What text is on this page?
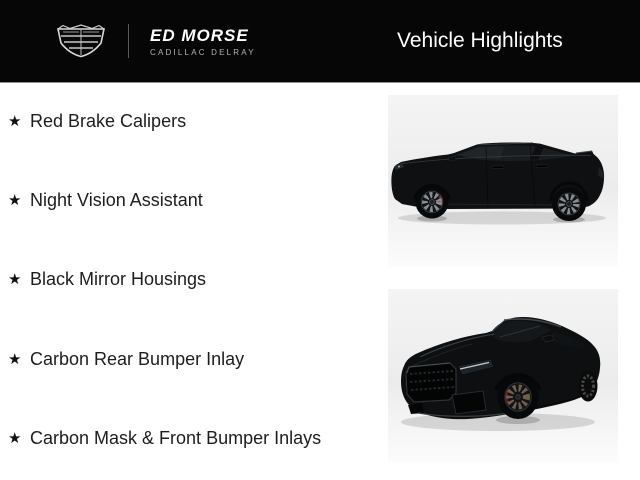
ED MORSE
CADILLAC DELRAY
Vehicle Highlights
★ Red Brake Calipers
★ Night Vision Assistant
★ Black Mirror Housings
★ Carbon Rear Bumper Inlay
★ Carbon Mask & Front Bumper Inlays
